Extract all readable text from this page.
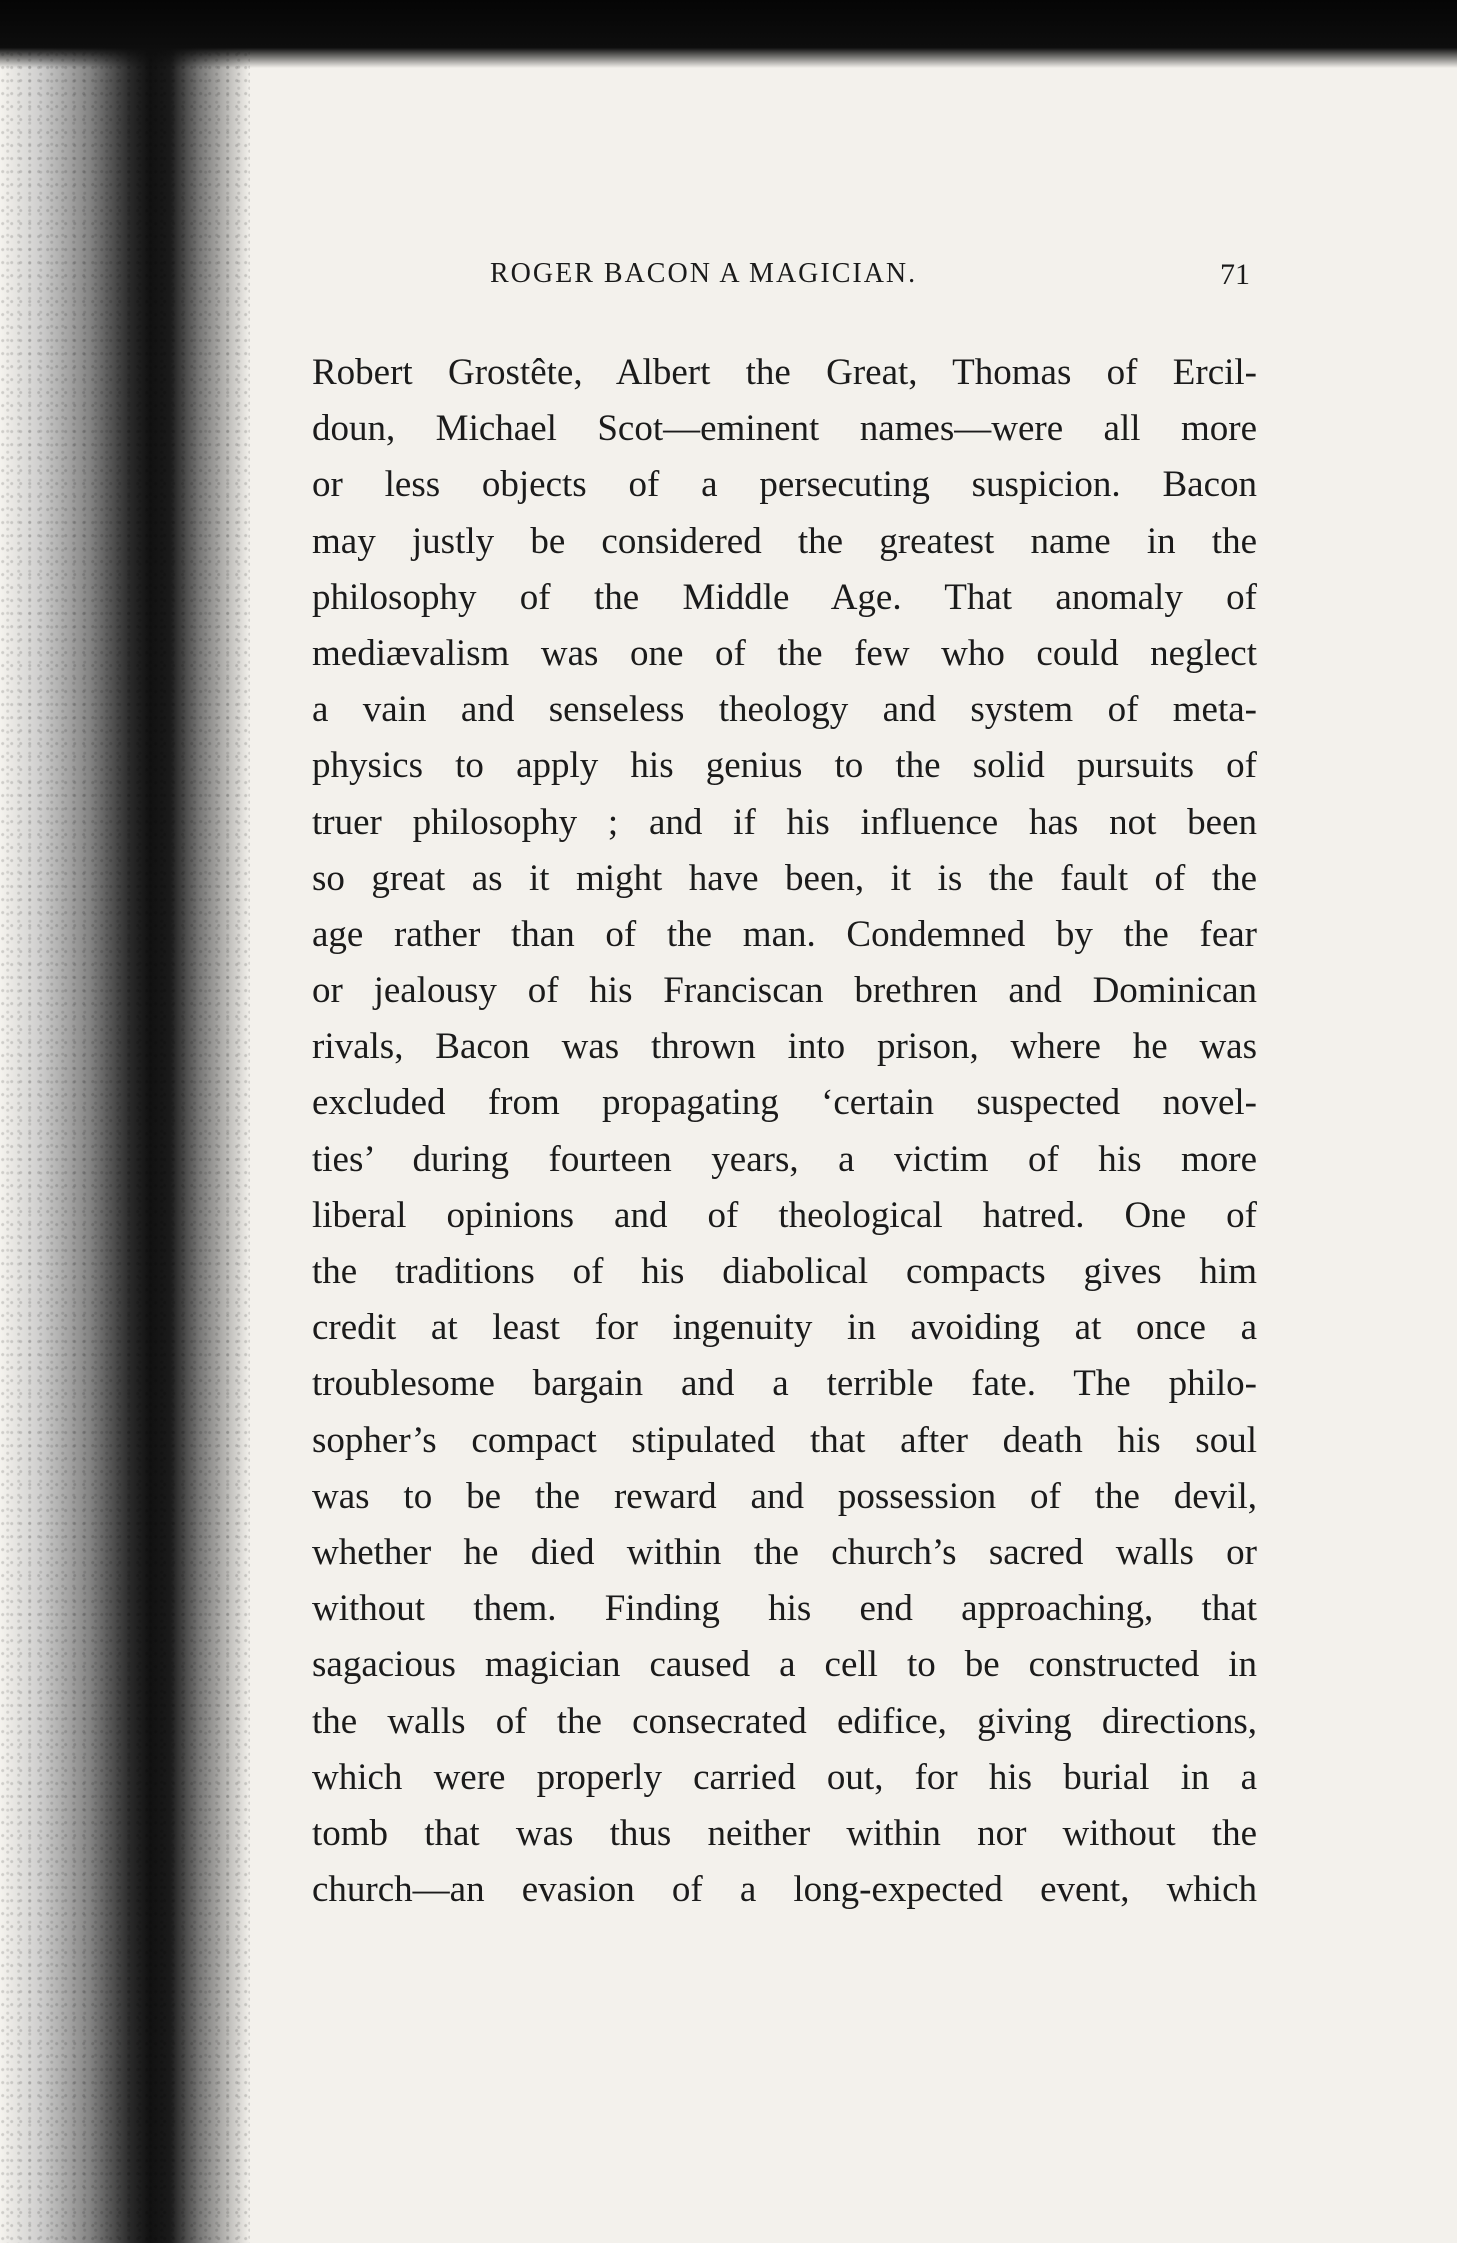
ROGER BACON A MAGICIAN.	71
Robert Grostête, Albert the Great, Thomas of Ercil-
doun, Michael Scot—eminent names—were all more
or less objects of a persecuting suspicion. Bacon
may justly be considered the greatest name in the
philosophy of the Middle Age. That anomaly of
mediævalism was one of the few who could neglect
a vain and senseless theology and system of meta-
physics to apply his genius to the solid pursuits of
truer philosophy ; and if his influence has not been
so great as it might have been, it is the fault of the
age rather than of the man. Condemned by the fear
or jealousy of his Franciscan brethren and Dominican
rivals, Bacon was thrown into prison, where he was
excluded from propagating ‘certain suspected novel-
ties’ during fourteen years, a victim of his more
liberal opinions and of theological hatred. One of
the traditions of his diabolical compacts gives him
credit at least for ingenuity in avoiding at once a
troublesome bargain and a terrible fate. The philo-
sopher’s compact stipulated that after death his soul
was to be the reward and possession of the devil,
whether he died within the church’s sacred walls or
without them. Finding his end approaching, that
sagacious magician caused a cell to be constructed in
the walls of the consecrated edifice, giving directions,
which were properly carried out, for his burial in a
tomb that was thus neither within nor without the
church—an evasion of a long-expected event, which
